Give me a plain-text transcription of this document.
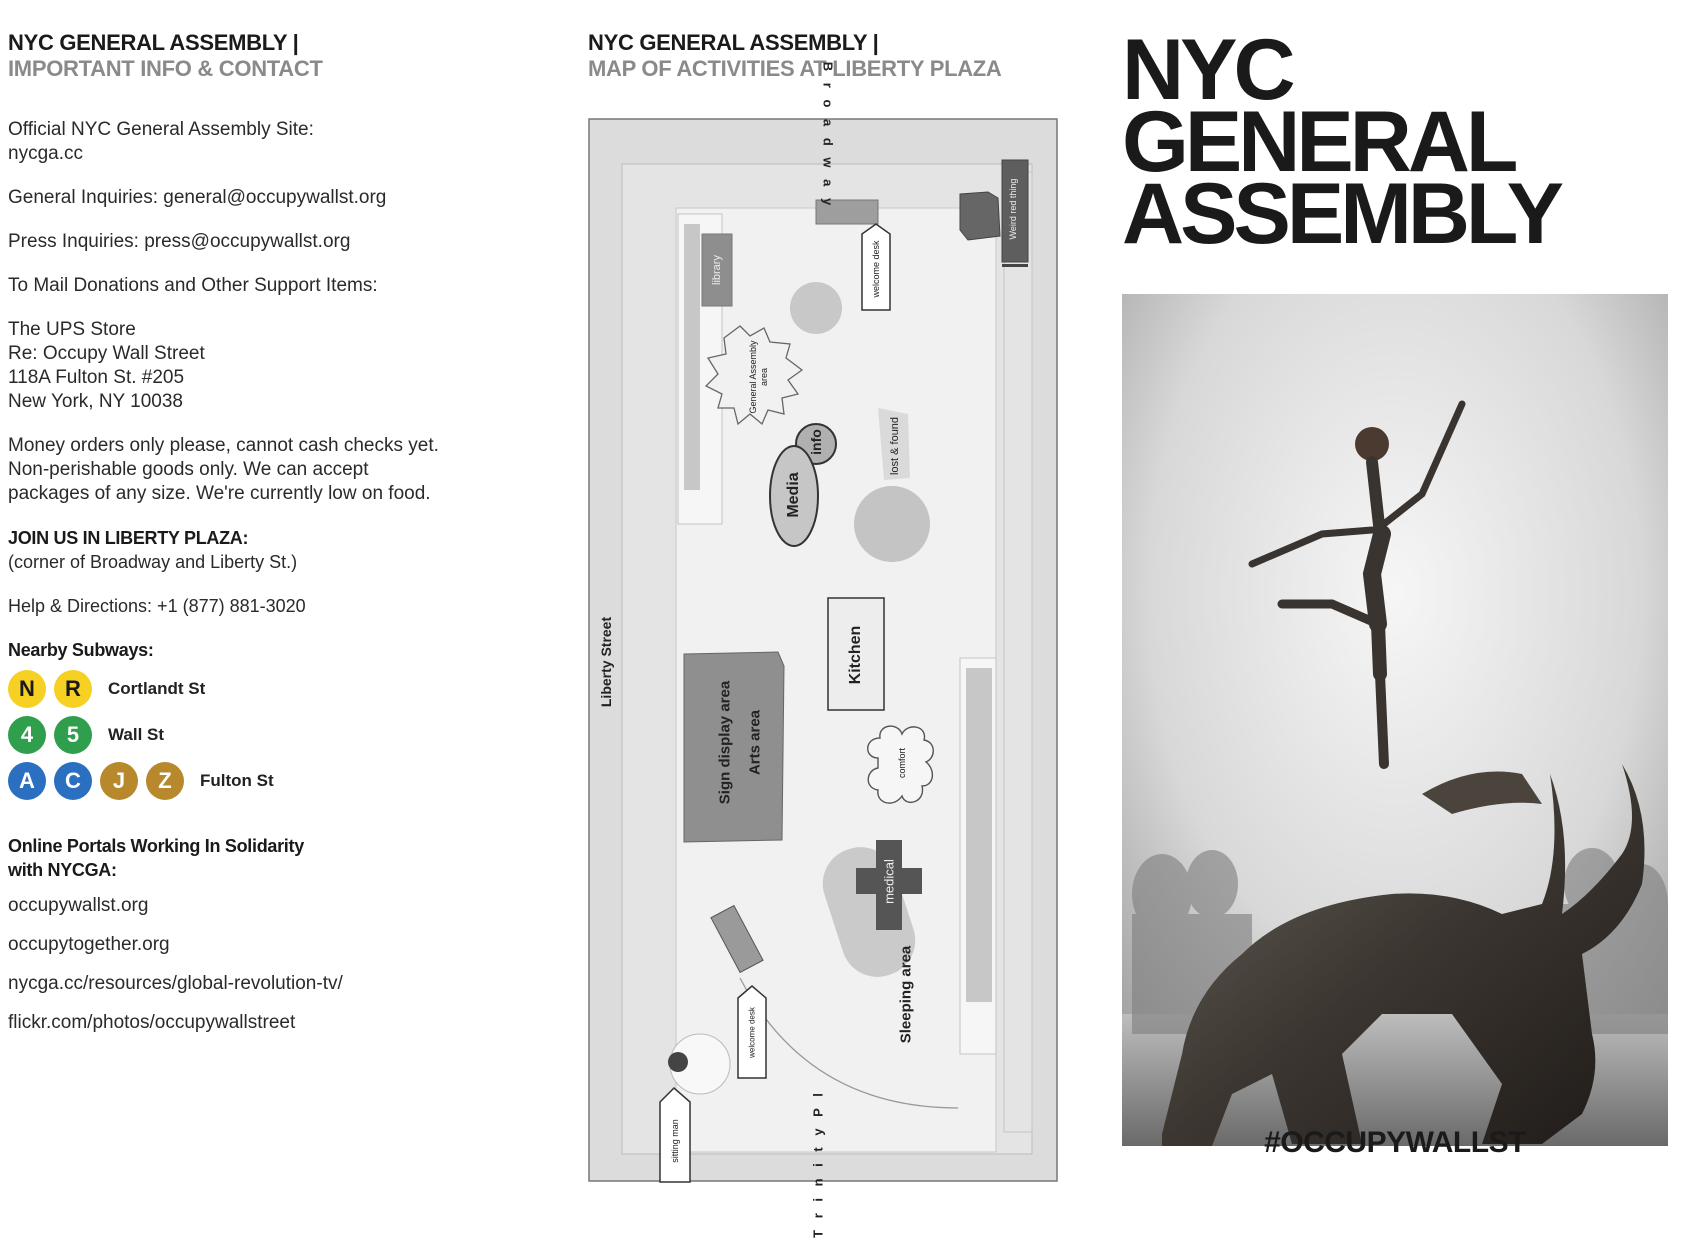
NYC GENERAL ASSEMBLY |
IMPORTANT INFO & CONTACT

Official NYC General Assembly Site:

nycga.cc

General Inquiries: general@occupywallst.org

Press Inquiries: press@occupywallst.org

To Mail Donations and Other Support Items:

The UPS Store

Re: Occupy Wall Street

118A Fulton St. #205

New York, NY 10038

Money orders only please, cannot cash checks yet.

Non-perishable goods only. We can accept

packages of any size. We're currently low on food.

JOIN US IN LIBERTY PLAZA:

(corner of Broadway and Liberty St.)

Help & Directions: +1 (877) 881-3020

Nearby Subways:

N	R	Cortlandt St
4	5	Wall St
A	C	J	Z	Fulton St

Online Portals Working In Solidarity

with NYCGA:

occupywallst.org

occupytogether.org

nycga.cc/resources/global-revolution-tv/

flickr.com/photos/occupywallstreet

NYC GENERAL ASSEMBLY |
MAP OF ACTIVITIES AT LIBERTY PLAZA
B r o a d w a y
Liberty Street
T r i n i t y P l
library	welcome desk
Weird red thing
General Assembly area
info
Media
lost & found
Kitchen
Sign display area Arts area	comfort
medical
Sleeping area
welcome desk
sitting man
NYC
GENERAL
ASSEMBLY
#OCCUPYWALLST
